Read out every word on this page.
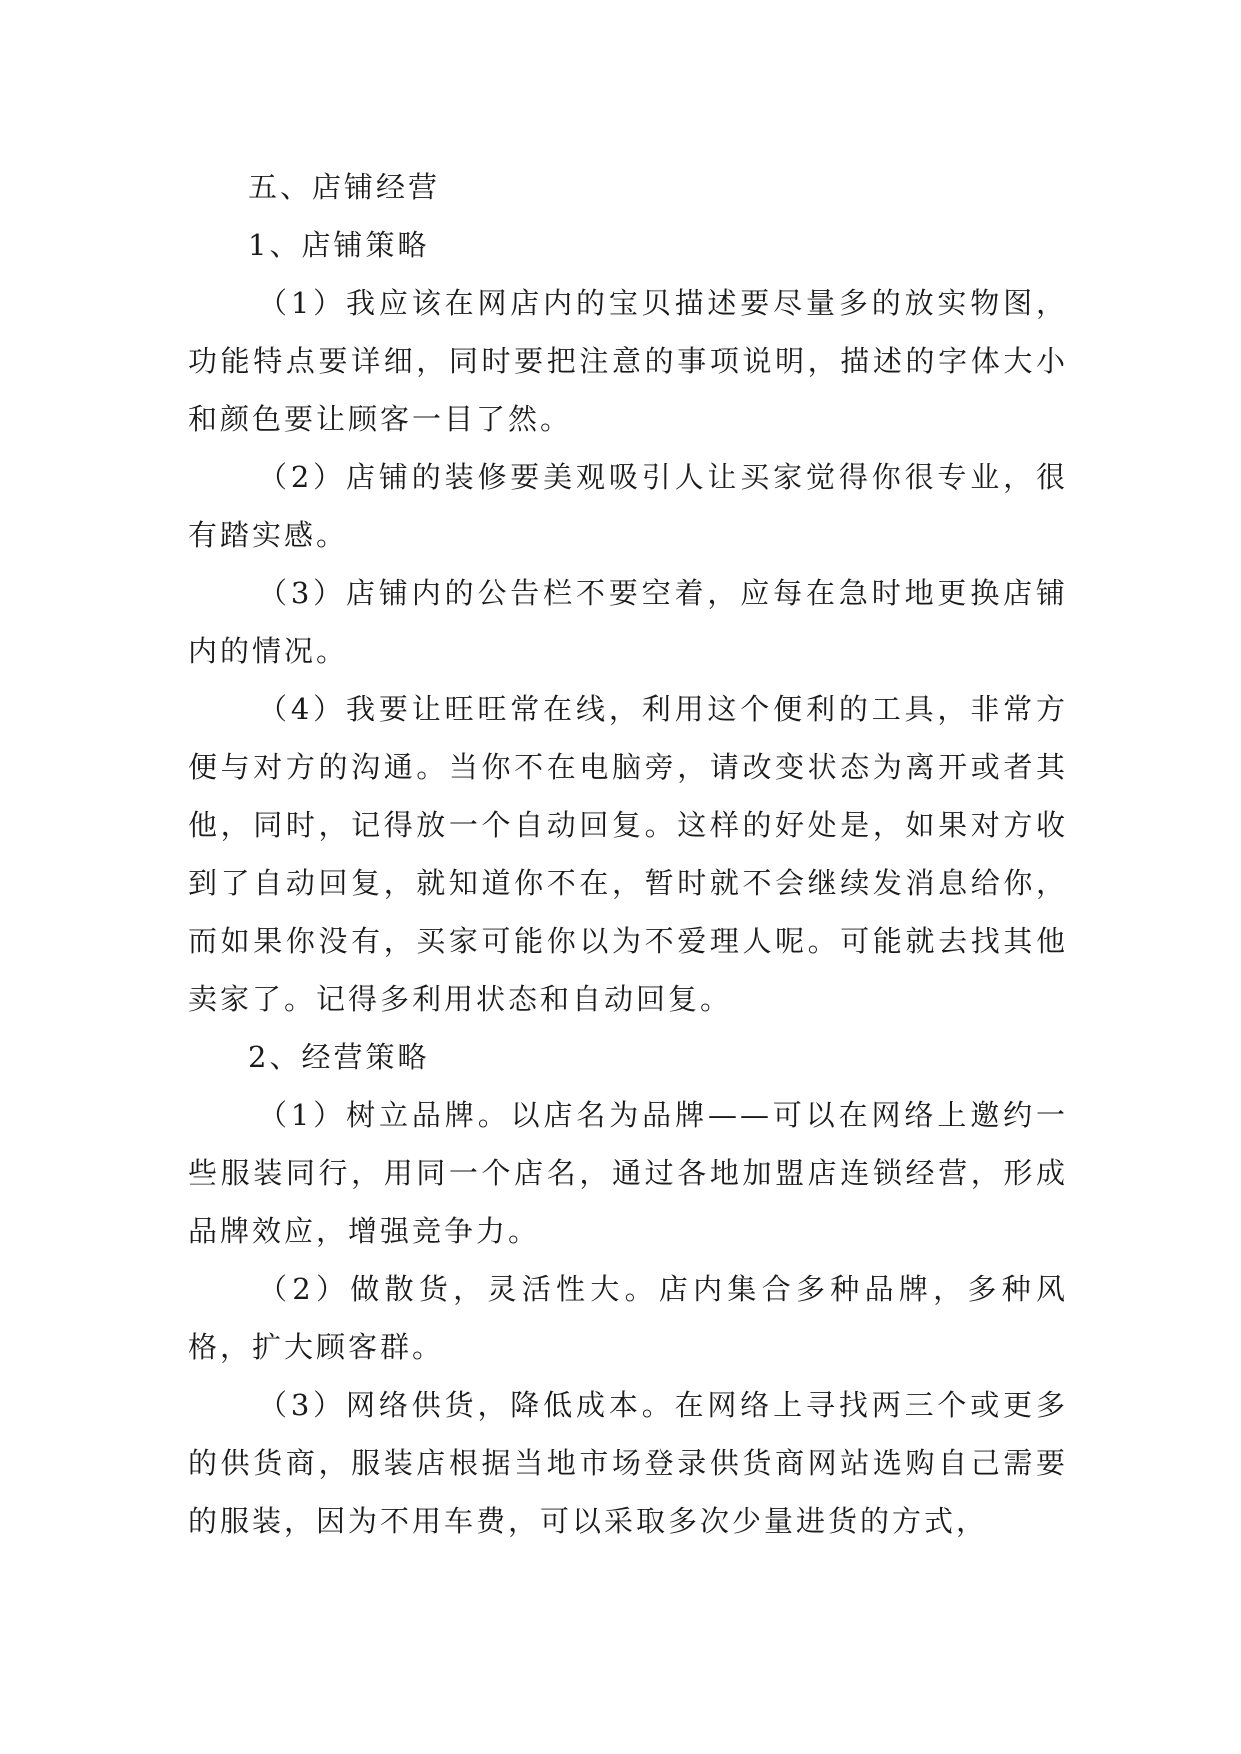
五、店铺经营

1、店铺策略

（1）我应该在网店内的宝贝描述要尽量多的放实物图，功能特点要详细，同时要把注意的事项说明，描述的字体大小和颜色要让顾客一目了然。

（2）店铺的装修要美观吸引人让买家觉得你很专业，很有踏实感。

（3）店铺内的公告栏不要空着，应每在急时地更换店铺内的情况。

（4）我要让旺旺常在线，利用这个便利的工具，非常方便与对方的沟通。当你不在电脑旁，请改变状态为离开或者其他，同时，记得放一个自动回复。这样的好处是，如果对方收到了自动回复，就知道你不在，暂时就不会继续发消息给你，而如果你没有，买家可能你以为不爱理人呢。可能就去找其他卖家了。记得多利用状态和自动回复。

2、经营策略

（1）树立品牌。以店名为品牌——可以在网络上邀约一些服装同行，用同一个店名，通过各地加盟店连锁经营，形成品牌效应，增强竞争力。

（2）做散货，灵活性大。店内集合多种品牌，多种风格，扩大顾客群。

（3）网络供货，降低成本。在网络上寻找两三个或更多的供货商，服装店根据当地市场登录供货商网站选购自己需要的服装，因为不用车费，可以采取多次少量进货的方式，
